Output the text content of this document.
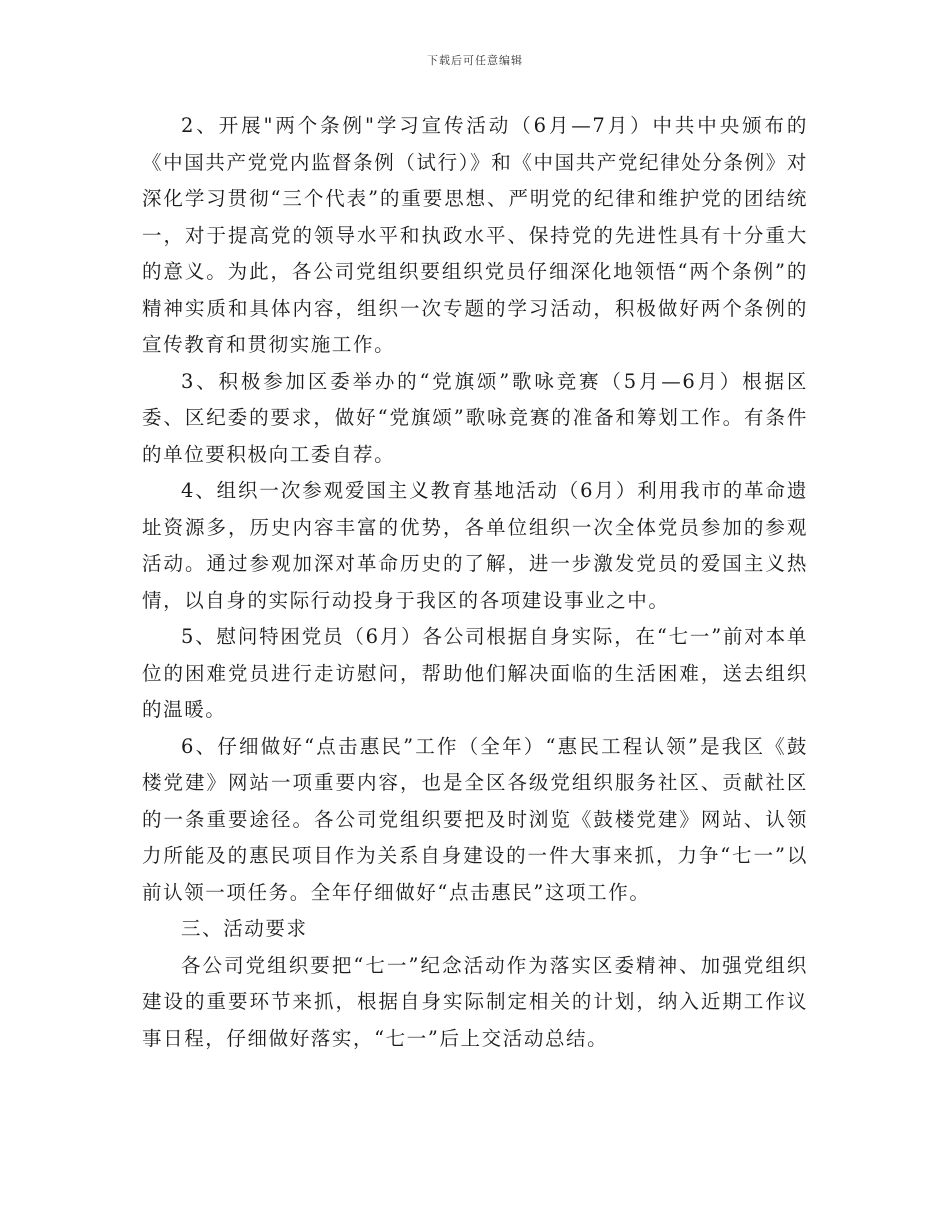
下载后可任意编辑

2、开展"两个条例"学习宣传活动（6月—7月）中共中央颁布的《中国共产党党内监督条例（试行）》和《中国共产党纪律处分条例》对深化学习贯彻“三个代表”的重要思想、严明党的纪律和维护党的团结统一，对于提高党的领导水平和执政水平、保持党的先进性具有十分重大的意义。为此，各公司党组织要组织党员仔细深化地领悟“两个条例”的精神实质和具体内容，组织一次专题的学习活动，积极做好两个条例的宣传教育和贯彻实施工作。

3、积极参加区委举办的“党旗颂”歌咏竞赛（5月—6月）根据区委、区纪委的要求，做好“党旗颂”歌咏竞赛的准备和筹划工作。有条件的单位要积极向工委自荐。

4、组织一次参观爱国主义教育基地活动（6月）利用我市的革命遗址资源多，历史内容丰富的优势，各单位组织一次全体党员参加的参观活动。通过参观加深对革命历史的了解，进一步激发党员的爱国主义热情，以自身的实际行动投身于我区的各项建设事业之中。

5、慰问特困党员（6月）各公司根据自身实际，在“七一”前对本单位的困难党员进行走访慰问，帮助他们解决面临的生活困难，送去组织的温暖。

6、仔细做好“点击惠民”工作（全年）“惠民工程认领”是我区《鼓楼党建》网站一项重要内容，也是全区各级党组织服务社区、贡献社区的一条重要途径。各公司党组织要把及时浏览《鼓楼党建》网站、认领力所能及的惠民项目作为关系自身建设的一件大事来抓，力争“七一”以前认领一项任务。全年仔细做好“点击惠民”这项工作。

三、活动要求

各公司党组织要把“七一”纪念活动作为落实区委精神、加强党组织建设的重要环节来抓，根据自身实际制定相关的计划，纳入近期工作议事日程，仔细做好落实，“七一”后上交活动总结。
